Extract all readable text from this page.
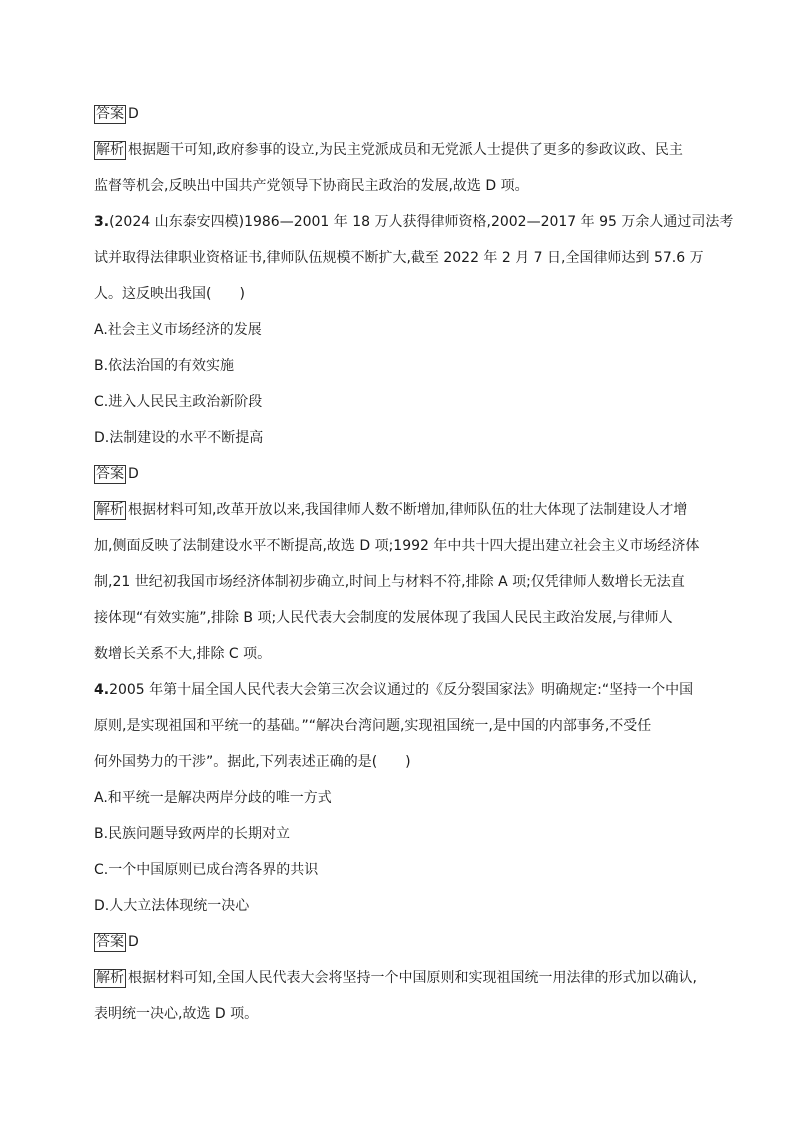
答案 D
解析 根据题干可知,政府参事的设立,为民主党派成员和无党派人士提供了更多的参政议政、民主
监督等机会,反映出中国共产党领导下协商民主政治的发展,故选 D 项。
3.(2024 山东泰安四模)1986—2001 年 18 万人获得律师资格,2002—2017 年 95 万余人通过司法考
试并取得法律职业资格证书,律师队伍规模不断扩大,截至 2022 年 2 月 7 日,全国律师达到 57.6 万
人。这反映出我国(　　)
A.社会主义市场经济的发展
B.依法治国的有效实施
C.进入人民民主政治新阶段
D.法制建设的水平不断提高
答案 D
解析 根据材料可知,改革开放以来,我国律师人数不断增加,律师队伍的壮大体现了法制建设人才增
加,侧面反映了法制建设水平不断提高,故选 D 项;1992 年中共十四大提出建立社会主义市场经济体
制,21 世纪初我国市场经济体制初步确立,时间上与材料不符,排除 A 项;仅凭律师人数增长无法直
接体现“有效实施”,排除 B 项;人民代表大会制度的发展体现了我国人民民主政治发展,与律师人
数增长关系不大,排除 C 项。
4.2005 年第十届全国人民代表大会第三次会议通过的《反分裂国家法》明确规定:“坚持一个中国
原则,是实现祖国和平统一的基础。”“解决台湾问题,实现祖国统一,是中国的内部事务,不受任
何外国势力的干涉”。据此,下列表述正确的是(　　)
A.和平统一是解决两岸分歧的唯一方式
B.民族问题导致两岸的长期对立
C.一个中国原则已成台湾各界的共识
D.人大立法体现统一决心
答案 D
解析 根据材料可知,全国人民代表大会将坚持一个中国原则和实现祖国统一用法律的形式加以确认,
表明统一决心,故选 D 项。
